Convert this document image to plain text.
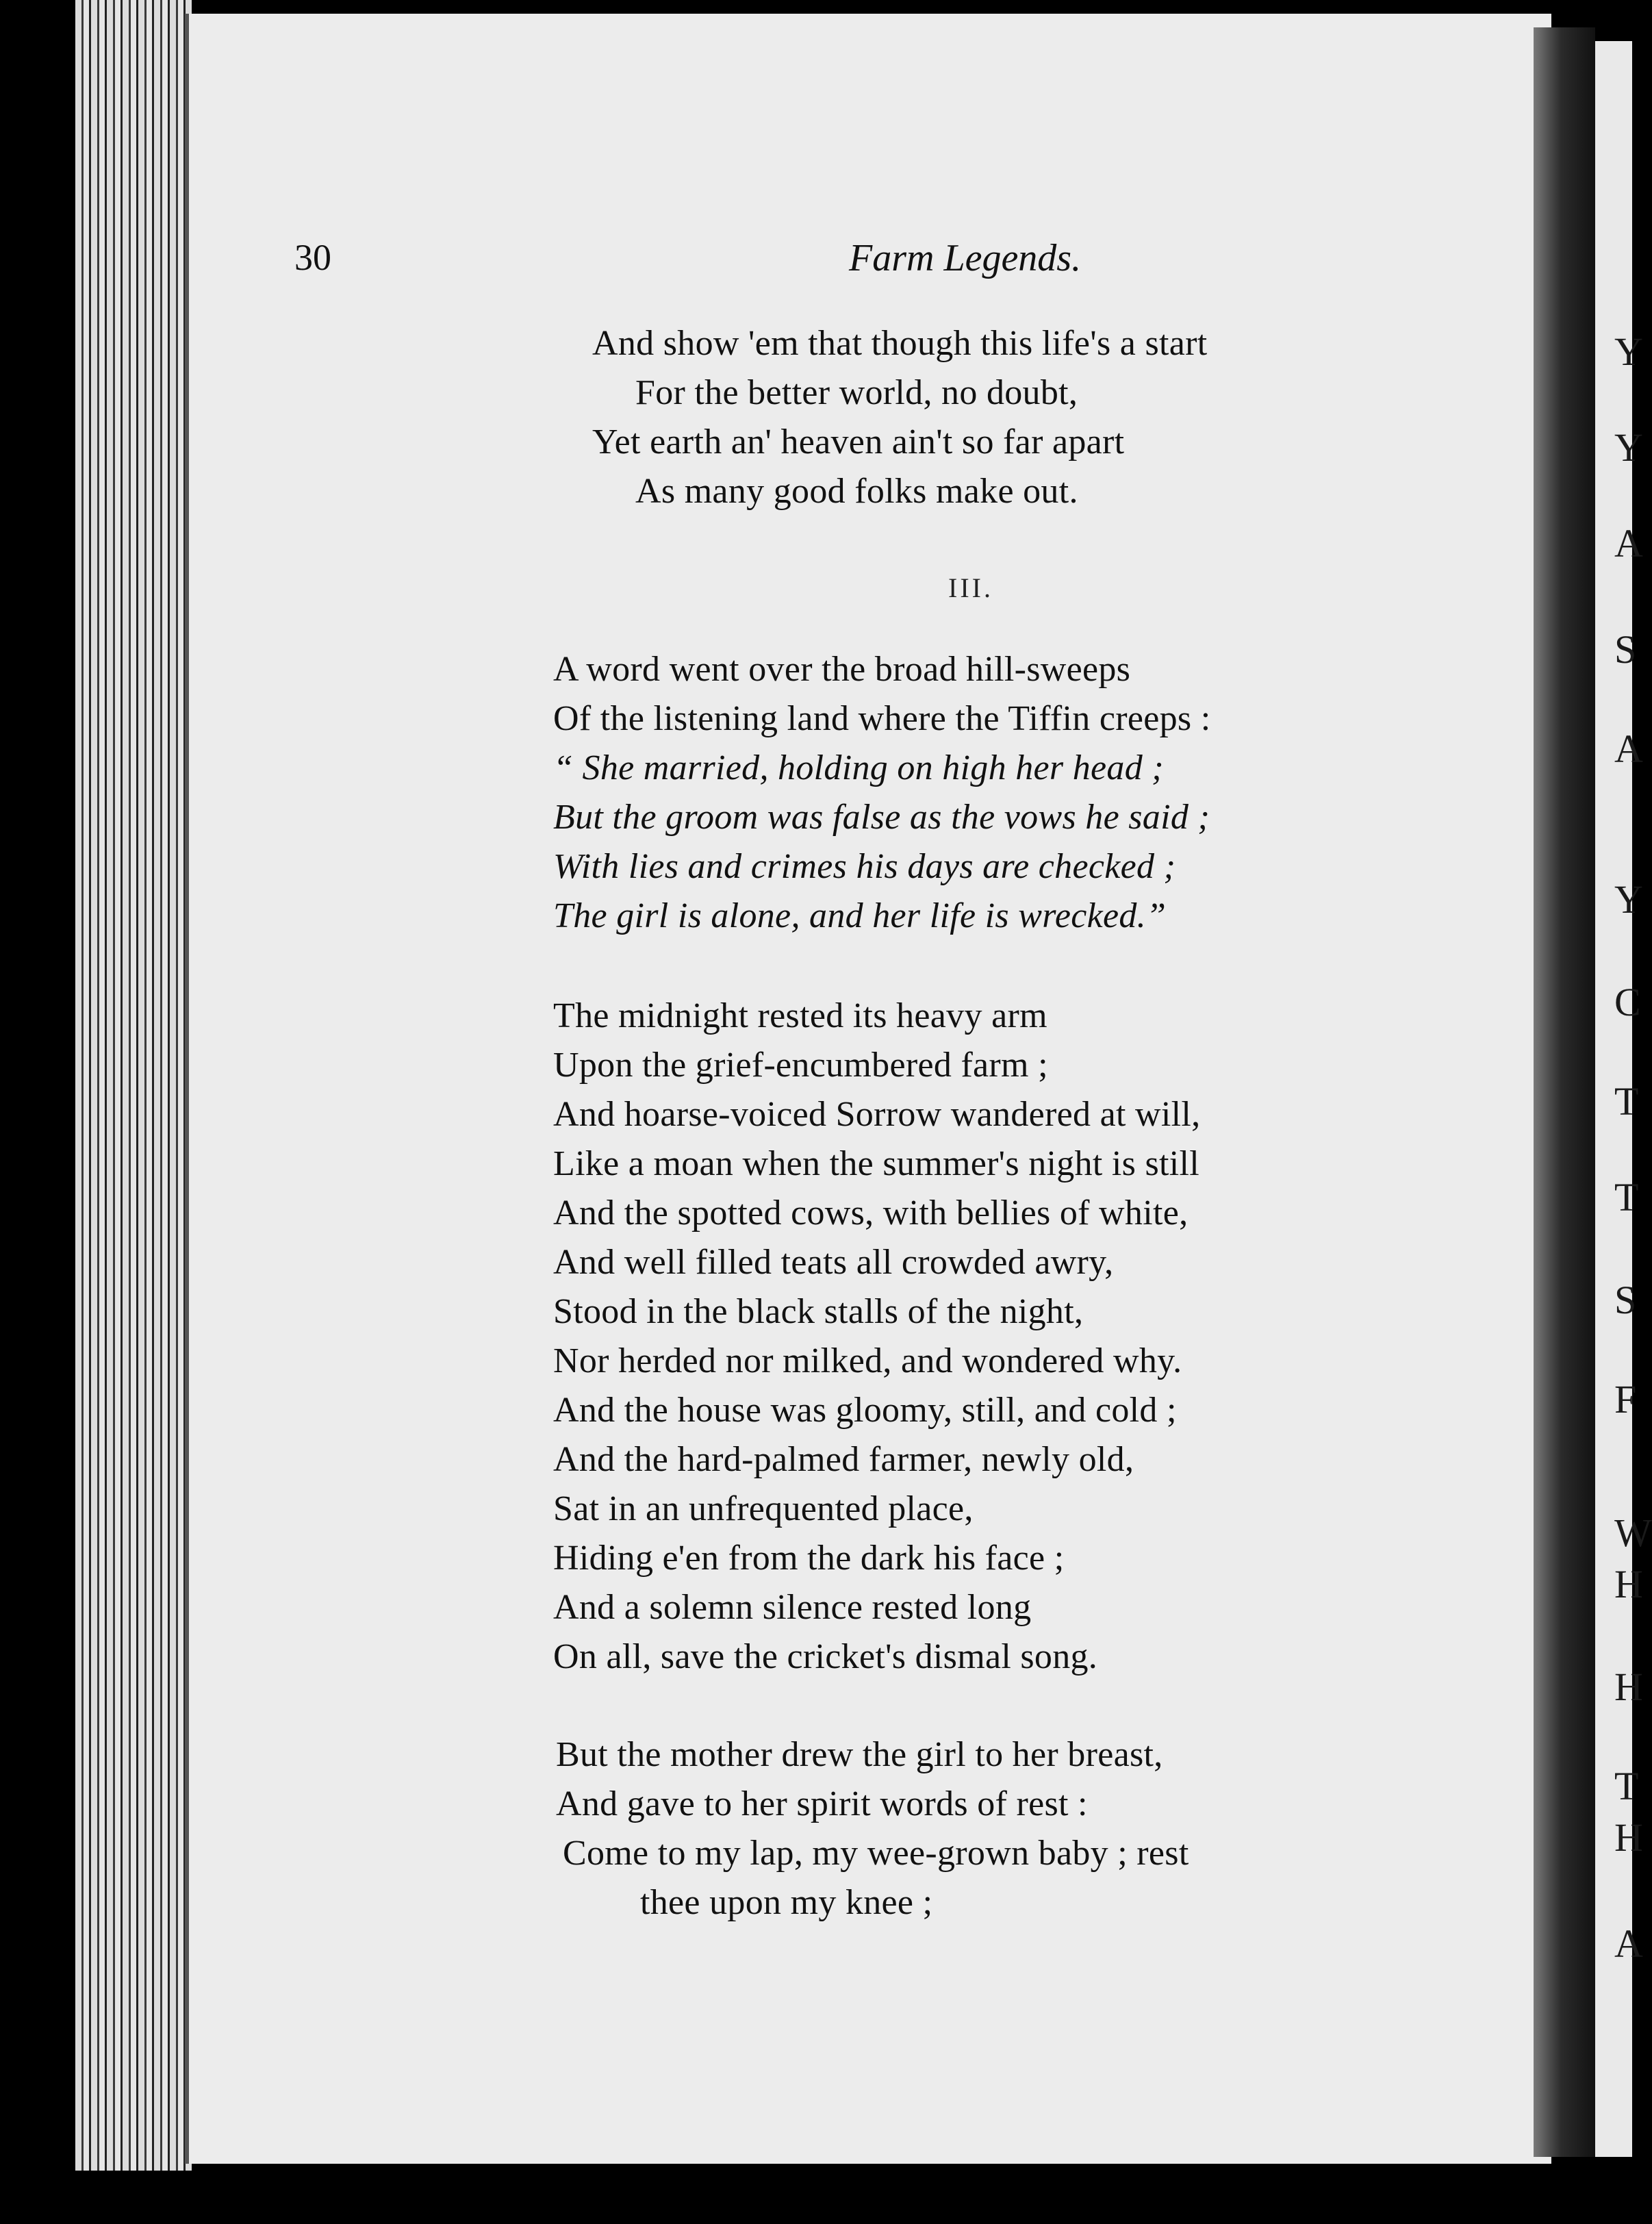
Y
Y
A
S
A
Y
C
T
T
S
F
W
H
H
T
H
A
30	Farm Legends.
And show 'em that though this life's a start
For the better world, no doubt,
Yet earth an' heaven ain't so far apart
As many good folks make out.
III.
A word went over the broad hill-sweeps
Of the listening land where the Tiffin creeps :
“ She married, holding on high her head ;
But the groom was false as the vows he said ;
With lies and crimes his days are checked ;
The girl is alone, and her life is wrecked.”
The midnight rested its heavy arm
Upon the grief-encumbered farm ;
And hoarse-voiced Sorrow wandered at will,
Like a moan when the summer's night is still
And the spotted cows, with bellies of white,
And well filled teats all crowded awry,
Stood in the black stalls of the night,
Nor herded nor milked, and wondered why.
And the house was gloomy, still, and cold ;
And the hard-palmed farmer, newly old,
Sat in an unfrequented place,
Hiding e'en from the dark his face ;
And a solemn silence rested long
On all, save the cricket's dismal song.
But the mother drew the girl to her breast,
And gave to her spirit words of rest :
Come to my lap, my wee-grown baby ; rest
thee upon my knee ;
